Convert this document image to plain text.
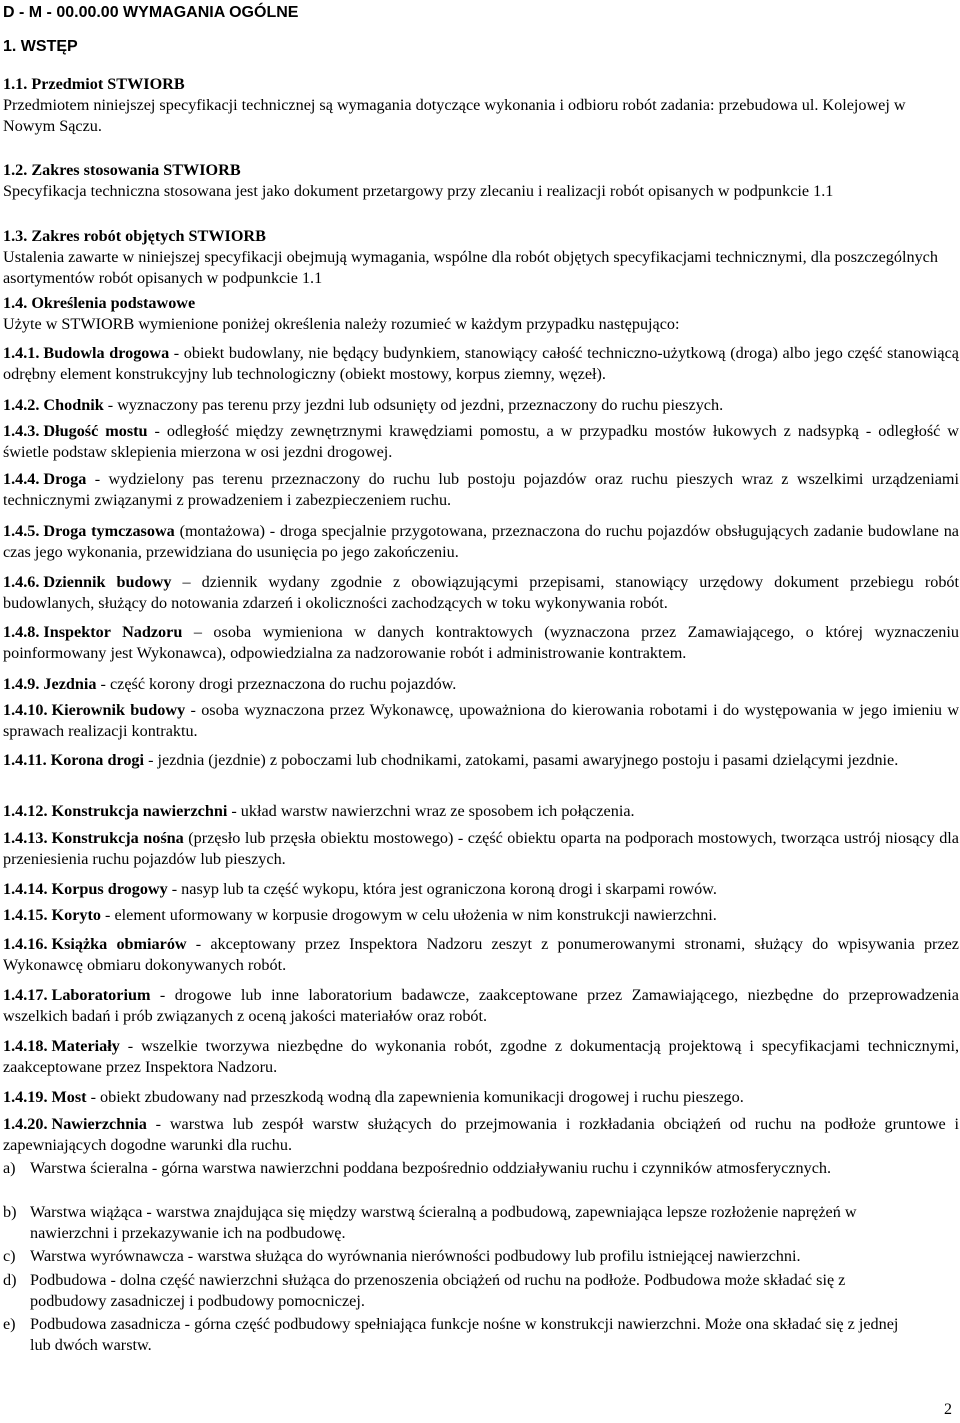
D - M - 00.00.00 WYMAGANIA OGÓLNE
1. WSTĘP
1.1. Przedmiot STWIORB
Przedmiotem niniejszej specyfikacji technicznej są wymagania dotyczące wykonania i odbioru robót zadania: przebudowa ul. Kolejowej w Nowym Sączu.
1.2. Zakres stosowania STWIORB
Specyfikacja techniczna stosowana jest jako dokument przetargowy przy zlecaniu i realizacji robót opisanych w podpunkcie 1.1
1.3. Zakres robót objętych STWIORB
Ustalenia zawarte w niniejszej specyfikacji obejmują wymagania, wspólne dla robót objętych specyfikacjami technicznymi, dla poszczególnych asortymentów robót opisanych w podpunkcie 1.1
1.4. Określenia podstawowe
Użyte w STWIORB wymienione poniżej określenia należy rozumieć w każdym przypadku następująco:
1.4.1. Budowla drogowa - obiekt budowlany, nie będący budynkiem, stanowiący całość techniczno-użytkową (droga) albo jego część stanowiącą odrębny element konstrukcyjny lub technologiczny (obiekt mostowy, korpus ziemny, węzeł).
1.4.2. Chodnik - wyznaczony pas terenu przy jezdni lub odsunięty od jezdni, przeznaczony do ruchu pieszych.
1.4.3. Długość mostu - odległość między zewnętrznymi krawędziami pomostu, a w przypadku mostów łukowych z nadsypką - odległość w świetle podstaw sklepienia mierzona w osi jezdni drogowej.
1.4.4. Droga - wydzielony pas terenu przeznaczony do ruchu lub postoju pojazdów oraz ruchu pieszych wraz z wszelkimi urządzeniami technicznymi związanymi z prowadzeniem i zabezpieczeniem ruchu.
1.4.5. Droga tymczasowa (montażowa) - droga specjalnie przygotowana, przeznaczona do ruchu pojazdów obsługujących zadanie budowlane na czas jego wykonania, przewidziana do usunięcia po jego zakończeniu.
1.4.6. Dziennik budowy – dziennik wydany zgodnie z obowiązującymi przepisami, stanowiący urzędowy dokument przebiegu robót budowlanych, służący do notowania zdarzeń i okoliczności zachodzących w toku wykonywania robót.
1.4.8. Inspektor Nadzoru – osoba wymieniona w danych kontraktowych (wyznaczona przez Zamawiającego, o której wyznaczeniu poinformowany jest Wykonawca), odpowiedzialna za nadzorowanie robót i administrowanie kontraktem.
1.4.9. Jezdnia - część korony drogi przeznaczona do ruchu pojazdów.
1.4.10. Kierownik budowy - osoba wyznaczona przez Wykonawcę, upoważniona do kierowania robotami i do występowania w jego imieniu w sprawach realizacji kontraktu.
1.4.11. Korona drogi - jezdnia (jezdnie) z poboczami lub chodnikami, zatokami, pasami awaryjnego postoju i pasami dzielącymi jezdnie.
1.4.12. Konstrukcja nawierzchni - układ warstw nawierzchni wraz ze sposobem ich połączenia.
1.4.13. Konstrukcja nośna (przęsło lub przęsła obiektu mostowego) - część obiektu oparta na podporach mostowych, tworząca ustrój niosący dla przeniesienia ruchu pojazdów lub pieszych.
1.4.14. Korpus drogowy - nasyp lub ta część wykopu, która jest ograniczona koroną drogi i skarpami rowów.
1.4.15. Koryto - element uformowany w korpusie drogowym w celu ułożenia w nim konstrukcji nawierzchni.
1.4.16. Książka obmiarów - akceptowany przez Inspektora Nadzoru zeszyt z ponumerowanymi stronami, służący do wpisywania przez Wykonawcę obmiaru dokonywanych robót.
1.4.17. Laboratorium - drogowe lub inne laboratorium badawcze, zaakceptowane przez Zamawiającego, niezbędne do przeprowadzenia wszelkich badań i prób związanych z oceną jakości materiałów oraz robót.
1.4.18. Materiały - wszelkie tworzywa niezbędne do wykonania robót, zgodne z dokumentacją projektową i specyfikacjami technicznymi, zaakceptowane przez Inspektora Nadzoru.
1.4.19. Most - obiekt zbudowany nad przeszkodą wodną dla zapewnienia komunikacji drogowej i ruchu pieszego.
1.4.20. Nawierzchnia - warstwa lub zespół warstw służących do przejmowania i rozkładania obciążeń od ruchu na podłoże gruntowe i zapewniających dogodne warunki dla ruchu.
a) Warstwa ścieralna - górna warstwa nawierzchni poddana bezpośrednio oddziaływaniu ruchu i czynników atmosferycznych.
b) Warstwa wiążąca - warstwa znajdująca się między warstwą ścieralną a podbudową, zapewniająca lepsze rozłożenie naprężeń w nawierzchni i przekazywanie ich na podbudowę.
c) Warstwa wyrównawcza - warstwa służąca do wyrównania nierówności podbudowy lub profilu istniejącej nawierzchni.
d) Podbudowa - dolna część nawierzchni służąca do przenoszenia obciążeń od ruchu na podłoże. Podbudowa może składać się z podbudowy zasadniczej i podbudowy pomocniczej.
e) Podbudowa zasadnicza - górna część podbudowy spełniająca funkcje nośne w konstrukcji nawierzchni. Może ona składać się z jednej lub dwóch warstw.
2
